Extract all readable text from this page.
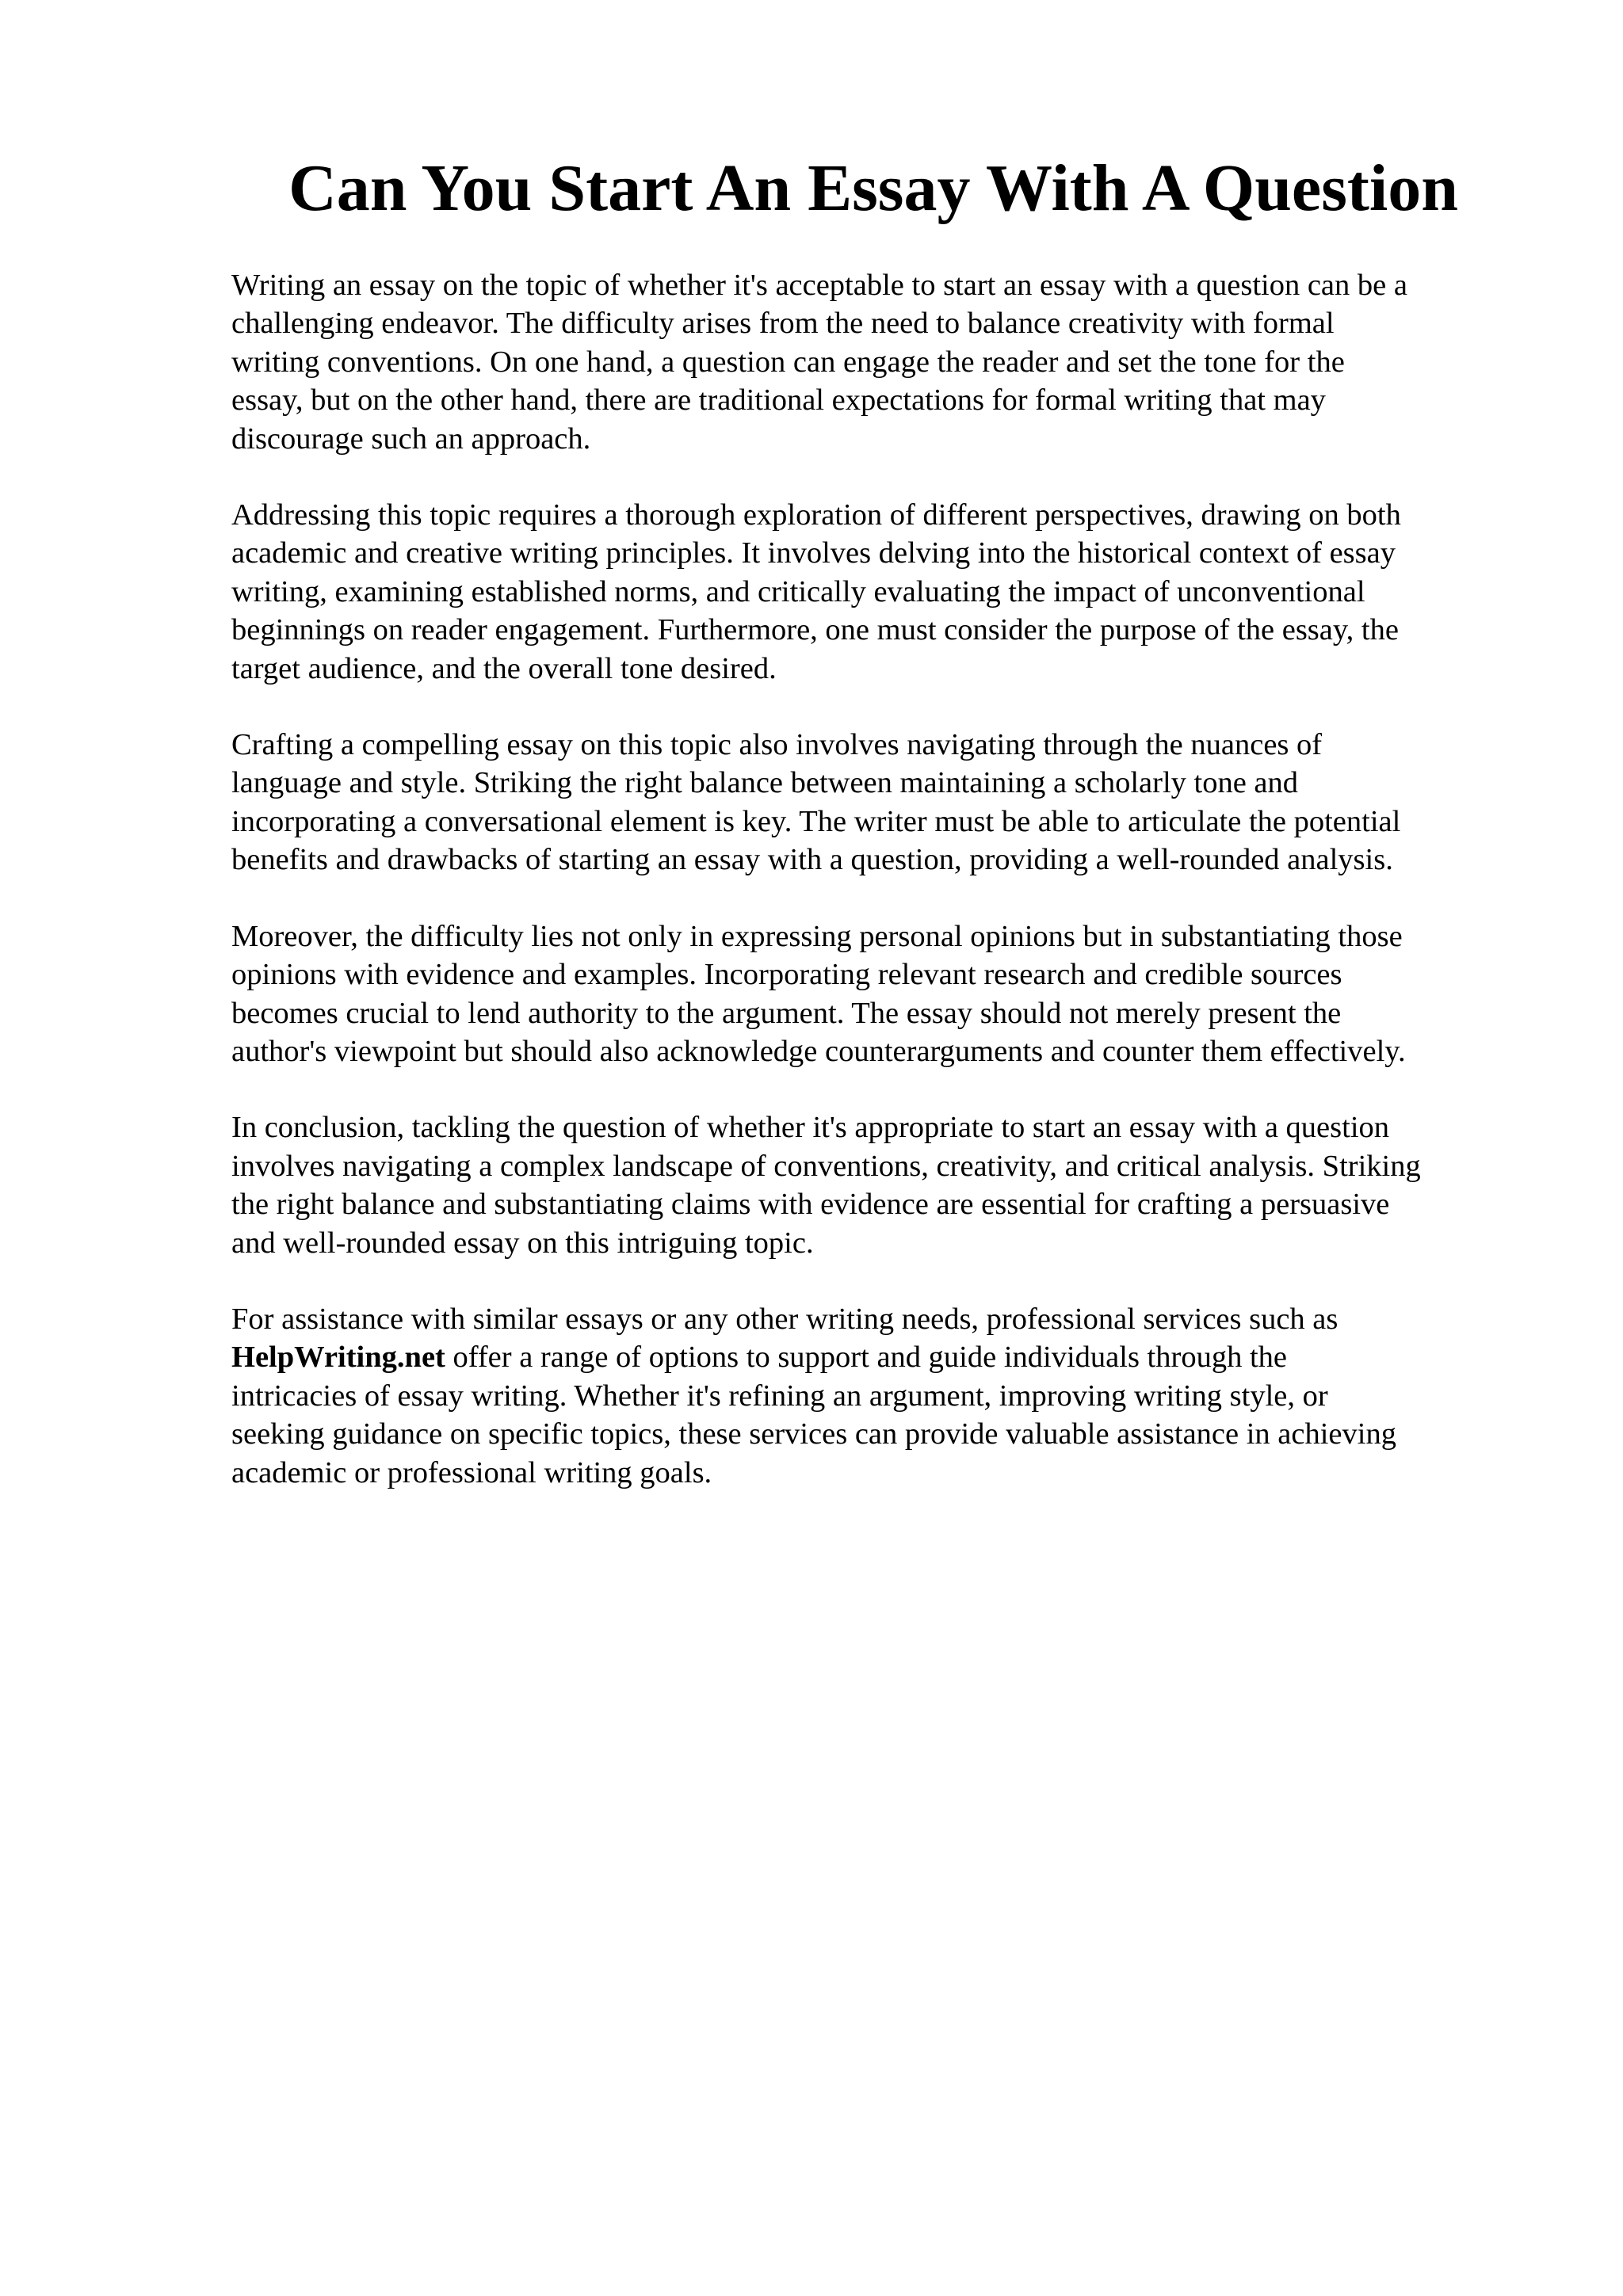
Can You Start An Essay With A Question

Writing an essay on the topic of whether it's acceptable to start an essay with a question can be a
challenging endeavor. The difficulty arises from the need to balance creativity with formal
writing conventions. On one hand, a question can engage the reader and set the tone for the
essay, but on the other hand, there are traditional expectations for formal writing that may
discourage such an approach.

Addressing this topic requires a thorough exploration of different perspectives, drawing on both
academic and creative writing principles. It involves delving into the historical context of essay
writing, examining established norms, and critically evaluating the impact of unconventional
beginnings on reader engagement. Furthermore, one must consider the purpose of the essay, the
target audience, and the overall tone desired.

Crafting a compelling essay on this topic also involves navigating through the nuances of
language and style. Striking the right balance between maintaining a scholarly tone and
incorporating a conversational element is key. The writer must be able to articulate the potential
benefits and drawbacks of starting an essay with a question, providing a well-rounded analysis.

Moreover, the difficulty lies not only in expressing personal opinions but in substantiating those
opinions with evidence and examples. Incorporating relevant research and credible sources
becomes crucial to lend authority to the argument. The essay should not merely present the
author's viewpoint but should also acknowledge counterarguments and counter them effectively.

In conclusion, tackling the question of whether it's appropriate to start an essay with a question
involves navigating a complex landscape of conventions, creativity, and critical analysis. Striking
the right balance and substantiating claims with evidence are essential for crafting a persuasive
and well-rounded essay on this intriguing topic.

For assistance with similar essays or any other writing needs, professional services such as
HelpWriting.net offer a range of options to support and guide individuals through the
intricacies of essay writing. Whether it's refining an argument, improving writing style, or
seeking guidance on specific topics, these services can provide valuable assistance in achieving
academic or professional writing goals.
